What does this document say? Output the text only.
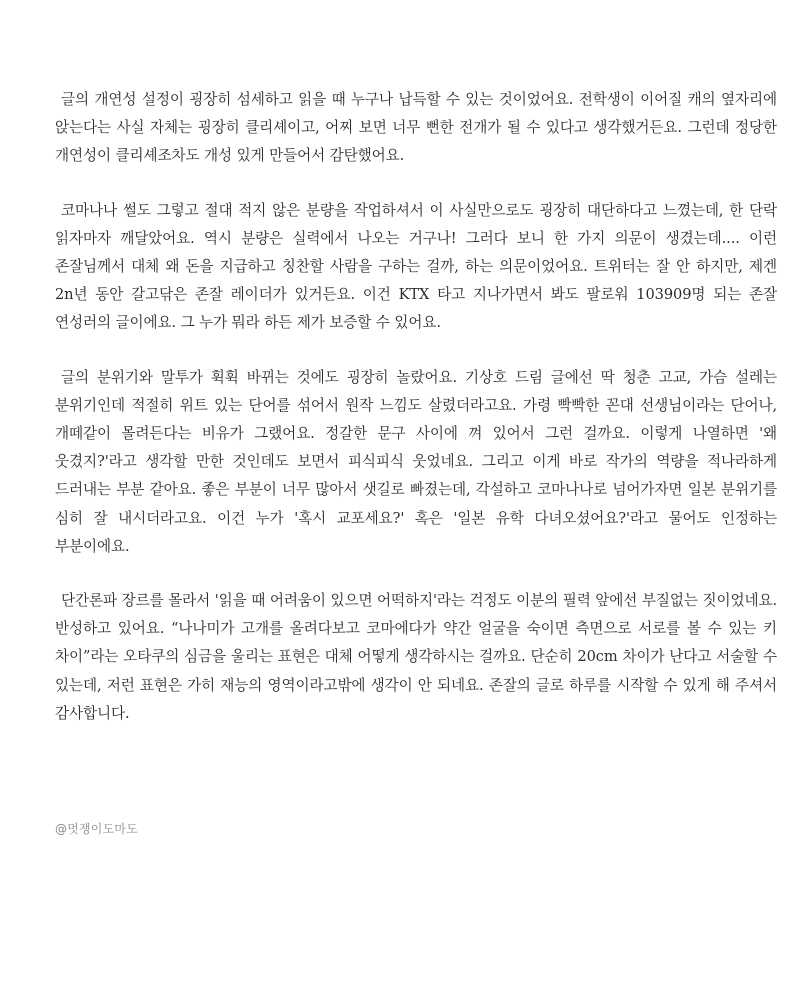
글의 개연성 설정이 굉장히 섬세하고 읽을 때 누구나 납득할 수 있는 것이었어요. 전학생이 이어질 캐의 옆자리에 앉는다는 사실 자체는 굉장히 클리셰이고, 어찌 보면 너무 뻔한 전개가 될 수 있다고 생각했거든요. 그런데 정당한 개연성이 클리셰조차도 개성 있게 만들어서 감탄했어요.

코마나나 썰도 그렇고 절대 적지 않은 분량을 작업하셔서 이 사실만으로도 굉장히 대단하다고 느꼈는데, 한 단락 읽자마자 깨달았어요. 역시 분량은 실력에서 나오는 거구나! 그러다 보니 한 가지 의문이 생겼는데.... 이런 존잘님께서 대체 왜 돈을 지급하고 칭찬할 사람을 구하는 걸까, 하는 의문이었어요. 트위터는 잘 안 하지만, 제겐 2n년 동안 갈고닦은 존잘 레이더가 있거든요. 이건 KTX 타고 지나가면서 봐도 팔로워 103909명 되는 존잘 연성러의 글이에요. 그 누가 뭐라 하든 제가 보증할 수 있어요.

글의 분위기와 말투가 휙휙 바뀌는 것에도 굉장히 놀랐어요. 기상호 드림 글에선 딱 청춘 고교, 가슴 설레는 분위기인데 적절히 위트 있는 단어를 섞어서 원작 느낌도 살렸더라고요. 가령 빡빡한 꼰대 선생님이라는 단어나, 개떼같이 몰려든다는 비유가 그랬어요. 정갈한 문구 사이에 껴 있어서 그런 걸까요. 이렇게 나열하면 '왜 웃겼지?'라고 생각할 만한 것인데도 보면서 피식피식 웃었네요. 그리고 이게 바로 작가의 역량을 적나라하게 드러내는 부분 같아요. 좋은 부분이 너무 많아서 샛길로 빠졌는데, 각설하고 코마나나로 넘어가자면 일본 분위기를 심히 잘 내시더라고요. 이건 누가 '혹시 교포세요?' 혹은 '일본 유학 다녀오셨어요?'라고 물어도 인정하는 부분이에요.

단간론파 장르를 몰라서 '읽을 때 어려움이 있으면 어떡하지'라는 걱정도 이분의 필력 앞에선 부질없는 짓이었네요. 반성하고 있어요. “나나미가 고개를 올려다보고 코마에다가 약간 얼굴을 숙이면 측면으로 서로를 볼 수 있는 키 차이”라는 오타쿠의 심금을 울리는 표현은 대체 어떻게 생각하시는 걸까요. 단순히 20cm 차이가 난다고 서술할 수 있는데, 저런 표현은 가히 재능의 영역이라고밖에 생각이 안 되네요. 존잘의 글로 하루를 시작할 수 있게 해 주셔서 감사합니다.

@멋쟁이도마도
